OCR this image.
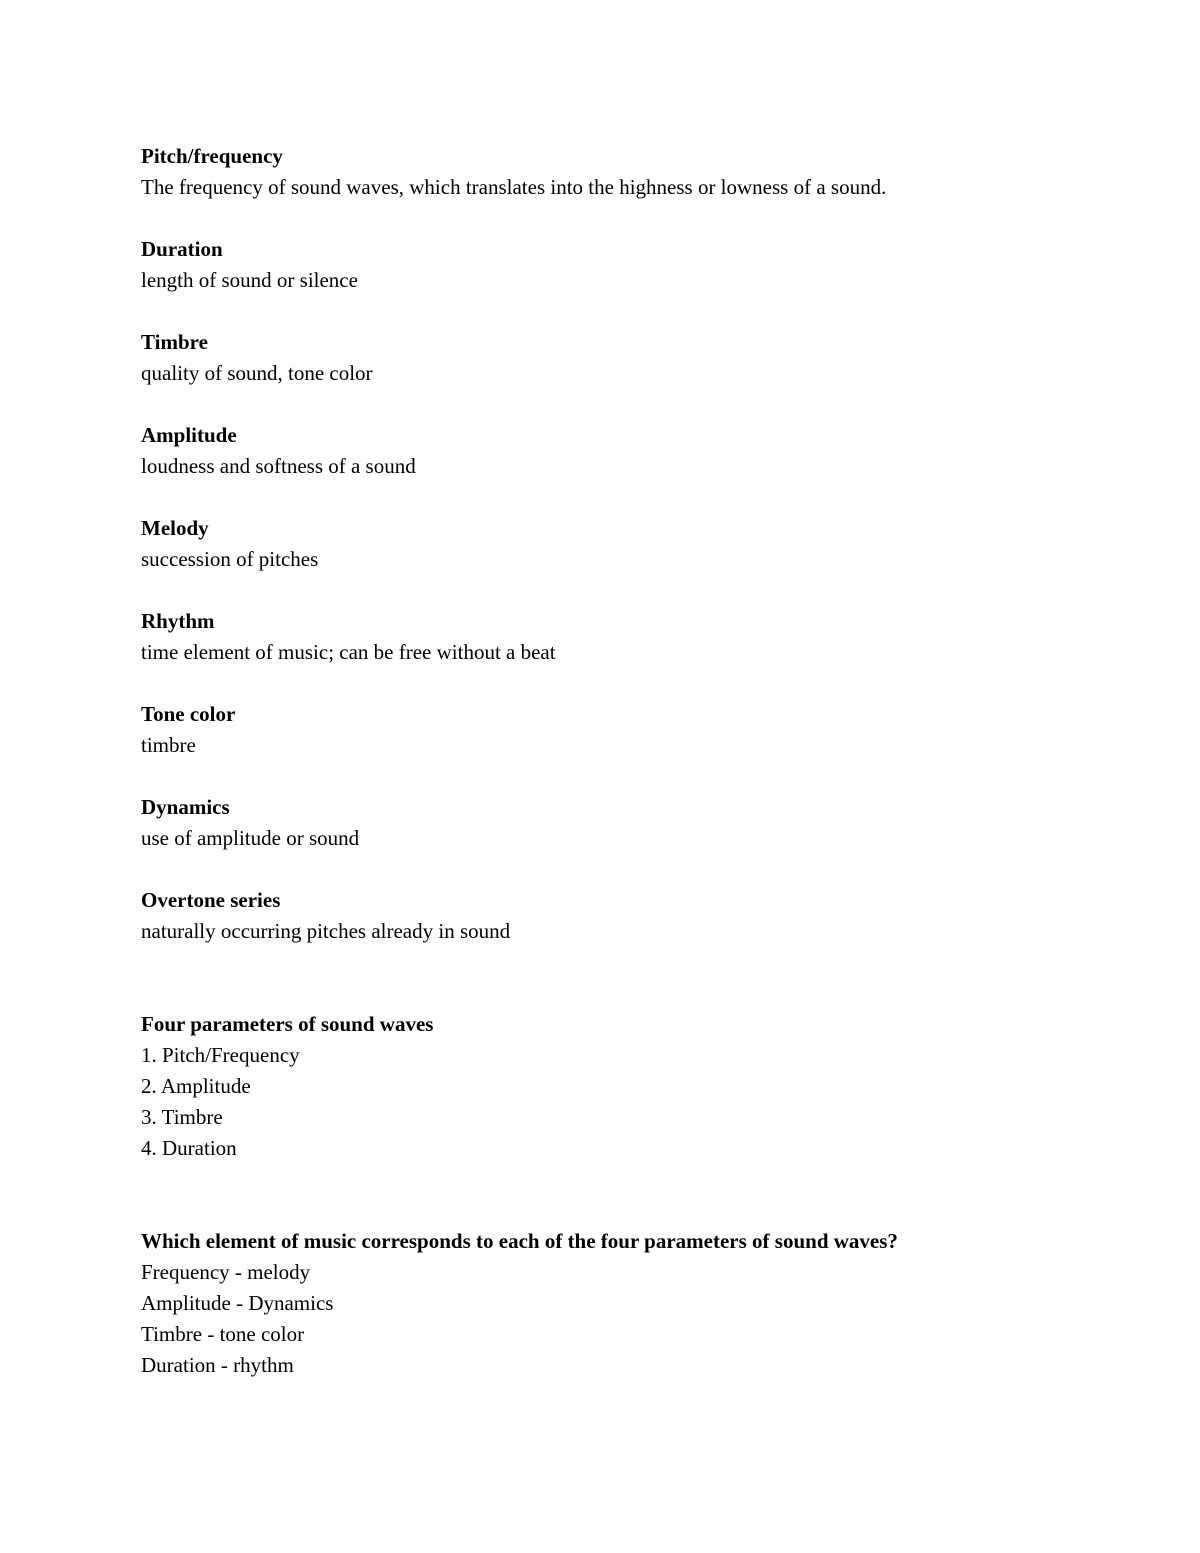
Pitch/frequency
The frequency of sound waves, which translates into the highness or lowness of a sound.
Duration
length of sound or silence
Timbre
quality of sound, tone color
Amplitude
loudness and softness of a sound
Melody
succession of pitches
Rhythm
time element of music; can be free without a beat
Tone color
timbre
Dynamics
use of amplitude or sound
Overtone series
naturally occurring pitches already in sound
Four parameters of sound waves
1. Pitch/Frequency
2. Amplitude
3. Timbre
4. Duration
Which element of music corresponds to each of the four parameters of sound waves?
Frequency - melody
Amplitude - Dynamics
Timbre - tone color
Duration - rhythm
